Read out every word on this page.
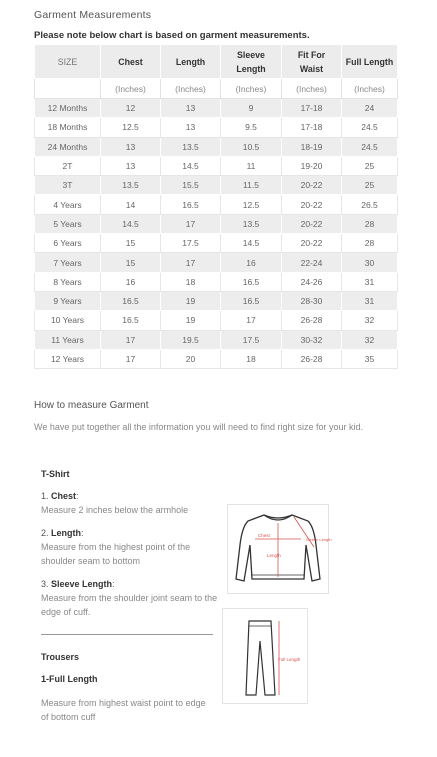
Garment Measurements
Please note below chart is based on garment measurements.
SIZE	Chest	Length	Sleeve Length	Fit For Waist	Full Length
	(Inches)	(Inches)	(Inches)	(Inches)	(Inches)
12 Months	12	13	9	17-18	24
18 Months	12.5	13	9.5	17-18	24.5
24 Months	13	13.5	10.5	18-19	24.5
2T	13	14.5	11	19-20	25
3T	13.5	15.5	11.5	20-22	25
4 Years	14	16.5	12.5	20-22	26.5
5 Years	14.5	17	13.5	20-22	28
6 Years	15	17.5	14.5	20-22	28
7 Years	15	17	16	22-24	30
8 Years	16	18	16.5	24-26	31
9 Years	16.5	19	16.5	28-30	31
10 Years	16.5	19	17	26-28	32
11 Years	17	19.5	17.5	30-32	32
12 Years	17	20	18	26-28	35
How to measure Garment
We have put together all the information you will need to find right size for your kid.
T-Shirt
1. Chest:
Measure 2 inches below the armhole
2. Length:
Measure from the highest point of the shoulder seam to bottom
3. Sleeve Length:
Measure from the shoulder joint seam to the edge of cuff.
Chest
Length
Sleeve Length
Trousers
1-Full Length
Measure from highest waist point to edge of bottom cuff
Full Length
